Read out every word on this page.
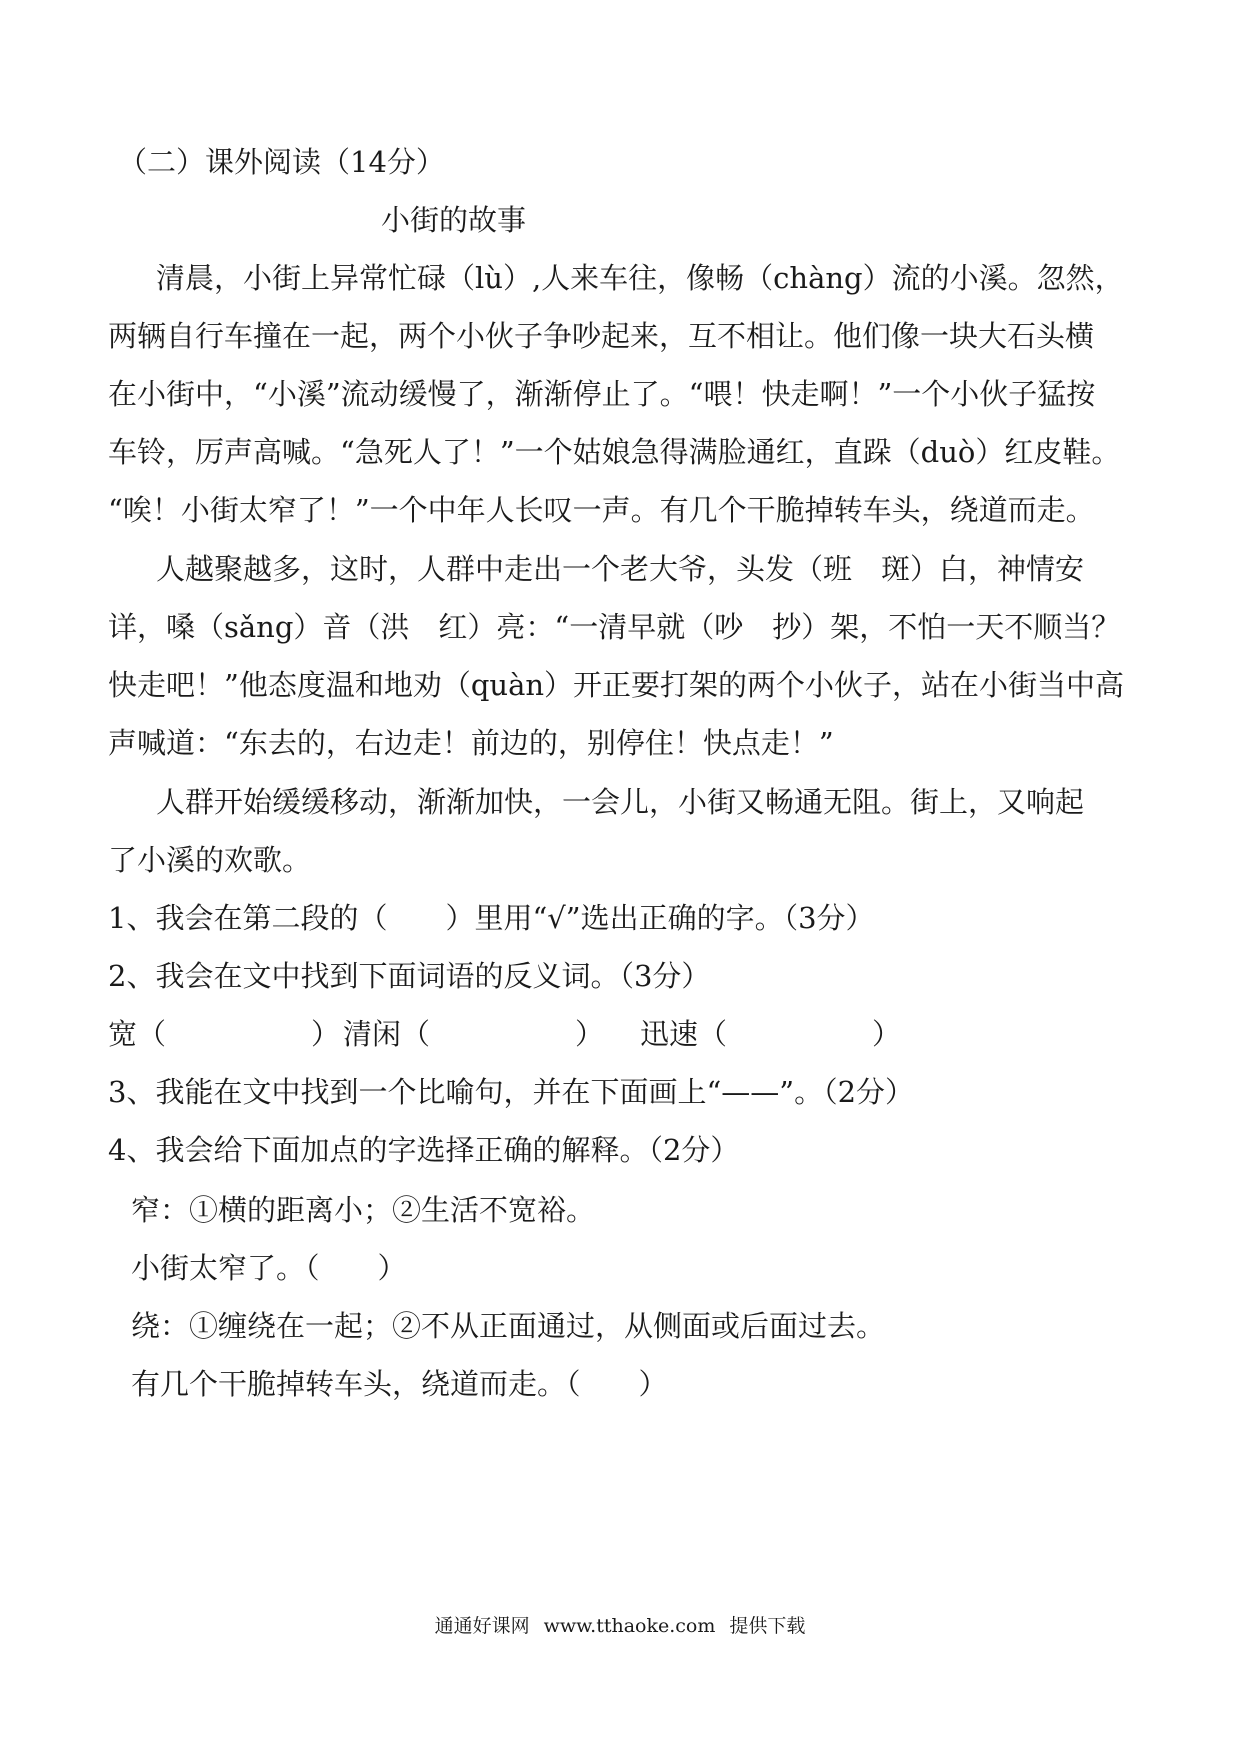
（二）课外阅读（14分）
小街的故事
清晨，小街上异常忙碌（lù）,人来车往，像畅（chàng）流的小溪。忽然，
两辆自行车撞在一起，两个小伙子争吵起来，互不相让。他们像一块大石头横
在小街中，“小溪”流动缓慢了，渐渐停止了。“喂！快走啊！”一个小伙子猛按
车铃，厉声高喊。“急死人了！”一个姑娘急得满脸通红，直跺（duò）红皮鞋。
“唉！小街太窄了！”一个中年人长叹一声。有几个干脆掉转车头，绕道而走。
人越聚越多，这时，人群中走出一个老大爷，头发（班　斑）白，神情安
详，嗓（sǎng）音（洪　红）亮：“一清早就（吵　抄）架，不怕一天不顺当？
快走吧！”他态度温和地劝（quàn）开正要打架的两个小伙子，站在小街当中高
声喊道：“东去的，右边走！前边的，别停住！快点走！”
人群开始缓缓移动，渐渐加快，一会儿，小街又畅通无阻。街上，又响起
了小溪的欢歌。
1、我会在第二段的（　　）里用“√”选出正确的字。（3分）
2、我会在文中找到下面词语的反义词。（3分）
宽（　　　　　） 清闲（　　　　　） 迅速（　　　　　）
3、我能在文中找到一个比喻句，并在下面画上“——”。（2分）
4、我会给下面加点的字选择正确的解释。（2分）
窄：①横的距离小；②生活不宽裕。
小街太窄了。（　　）
绕：①缠绕在一起；②不从正面通过，从侧面或后面过去。
有几个干脆掉转车头，绕道而走。（　　）
通通好课网 www.tthaoke.com 提供下载
